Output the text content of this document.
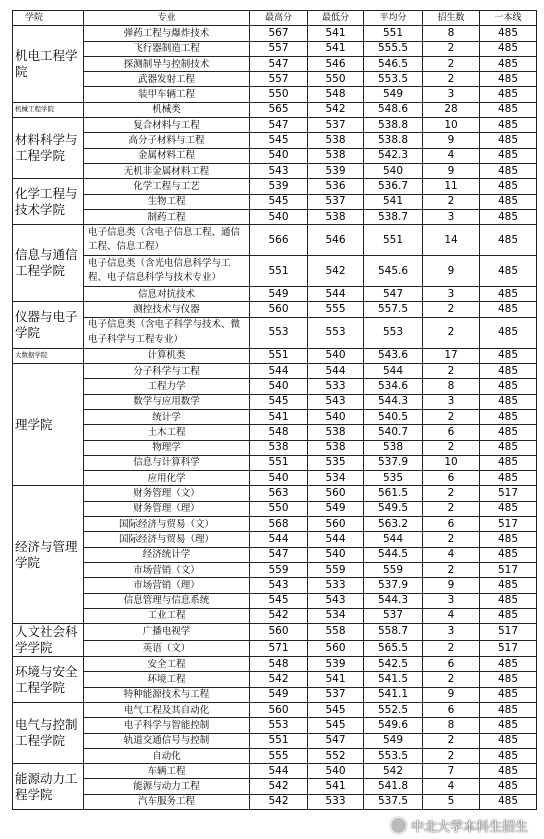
学院	专业	最高分	最低分	平均分	招生数	一本线
机电工程学院	弹药工程与爆炸技术	567	541	551	8	485
	飞行器制造工程	557	541	555.5	2	485
	探测制导与控制技术	547	546	546.5	2	485
	武器发射工程	557	550	553.5	2	485
	装甲车辆工程	550	548	549	3	485
机械工程学院	机械类	565	542	548.6	28	485
材料科学与工程学院	复合材料与工程	547	537	538.8	10	485
	高分子材料与工程	545	538	538.8	9	485
	金属材料工程	540	538	542.3	4	485
	无机非金属材料工程	543	539	540	9	485
化学工程与技术学院	化学工程与工艺	539	536	536.7	11	485
	生物工程	545	537	541	2	485
	制药工程	540	538	538.7	3	485
信息与通信工程学院	电子信息类（含电子信息工程、通信工程、信息工程）	566	546	551	14	485
	电子信息类（含光电信息科学与工程、电子信息科学与技术专业）	551	542	545.6	9	485
	信息对抗技术	549	544	547	3	485
仪器与电子学院	测控技术与仪器	560	555	557.5	2	485
	电子信息类（含电子科学与技术、微电子科学与工程专业）	553	553	553	2	485
大数据学院	计算机类	551	540	543.6	17	485
理学院	分子科学与工程	544	544	544	2	485
	工程力学	540	533	534.6	8	485
	数学与应用数学	545	543	544.3	3	485
	统计学	541	540	540.5	2	485
	土木工程	548	538	540.7	6	485
	物理学	538	538	538	2	485
	信息与计算科学	551	535	537.9	10	485
	应用化学	540	534	535	6	485
经济与管理学院	财务管理（文）	563	560	561.5	2	517
	财务管理（理）	550	549	549.5	2	485
	国际经济与贸易（文）	568	560	563.2	6	517
	国际经济与贸易（理）	544	544	544	2	485
	经济统计学	547	540	544.5	4	485
	市场营销（文）	559	559	559	2	517
	市场营销（理）	543	533	537.9	9	485
	信息管理与信息系统	545	543	544.3	3	485
	工业工程	542	534	537	4	485
人文社会科学学院	广播电视学	560	558	558.7	3	517
	英语（文）	571	560	565.5	2	517
环境与安全工程学院	安全工程	548	539	542.5	6	485
	环境工程	542	541	541.5	2	485
	特种能源技术与工程	549	537	541.1	9	485
电气与控制工程学院	电气工程及其自动化	560	545	552.5	6	485
	电子科学与智能控制	553	545	549.6	8	485
	轨道交通信号与控制	551	547	549	2	485
	自动化	555	552	553.5	2	485
能源动力工程学院	车辆工程	544	540	542	7	485
	能源与动力工程	542	541	541.8	4	485
	汽车服务工程	542	533	537.5	5	485
中北大学本科生招生
